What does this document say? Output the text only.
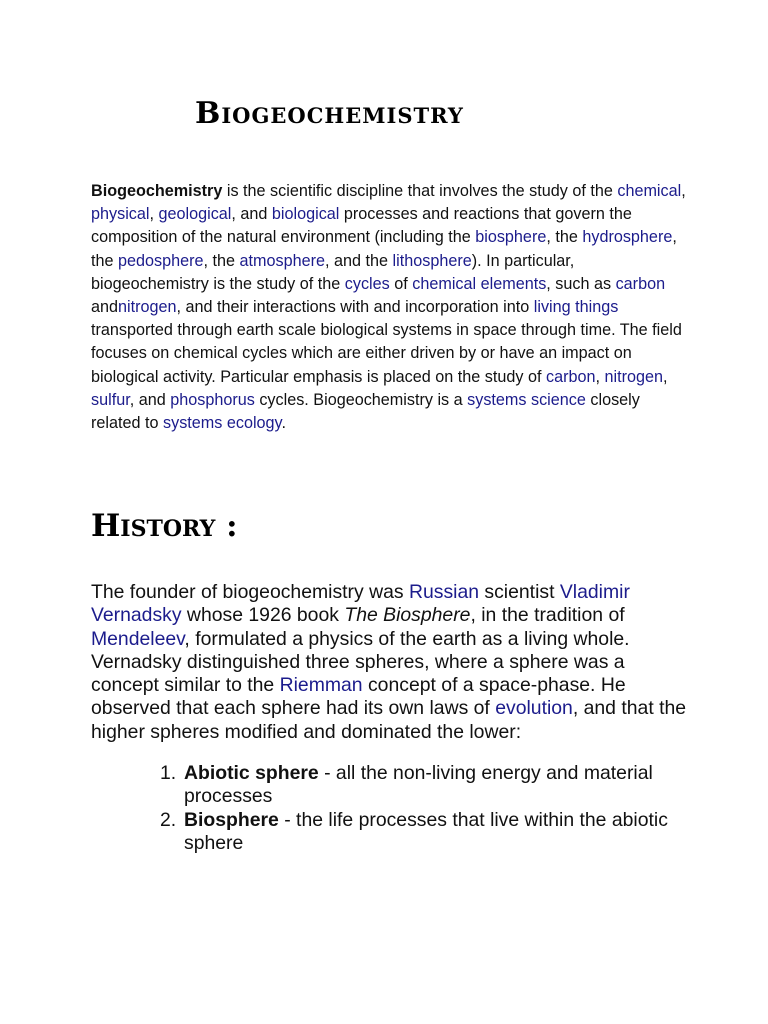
Biogeochemistry

Biogeochemistry is the scientific discipline that involves the study of the chemical, physical, geological, and biological processes and reactions that govern the composition of the natural environment (including the biosphere, the hydrosphere, the pedosphere, the atmosphere, and the lithosphere). In particular, biogeochemistry is the study of the cycles of chemical elements, such as carbon andnitrogen, and their interactions with and incorporation into living things transported through earth scale biological systems in space through time. The field focuses on chemical cycles which are either driven by or have an impact on biological activity. Particular emphasis is placed on the study of carbon, nitrogen, sulfur, and phosphorus cycles. Biogeochemistry is a systems science closely related to systems ecology.

History :

The founder of biogeochemistry was Russian scientist Vladimir Vernadsky whose 1926 book The Biosphere, in the tradition of Mendeleev, formulated a physics of the earth as a living whole. Vernadsky distinguished three spheres, where a sphere was a concept similar to the Riemman concept of a space-phase. He observed that each sphere had its own laws of evolution, and that the higher spheres modified and dominated the lower:

1. Abiotic sphere - all the non-living energy and material processes
2. Biosphere - the life processes that live within the abiotic sphere
